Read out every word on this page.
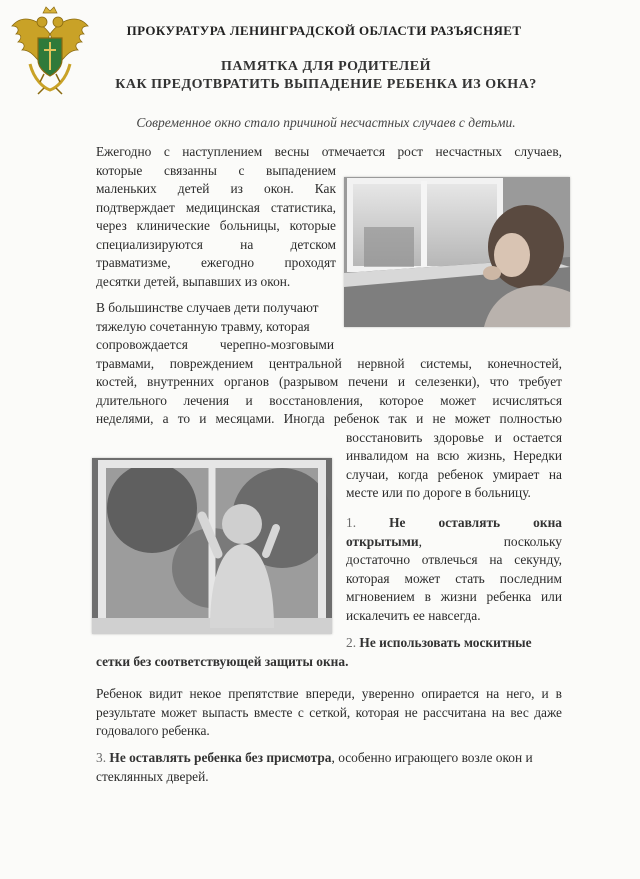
ПРОКУРАТУРА ЛЕНИНГРАДСКОЙ ОБЛАСТИ РАЗЪЯСНЯЕТ
ПАМЯТКА ДЛЯ РОДИТЕЛЕЙ
КАК ПРЕДОТВРАТИТЬ ВЫПАДЕНИЕ РЕБЕНКА ИЗ ОКНА?
Современное окно стало причиной несчастных случаев с детьми.

Ежегодно с наступлением весны отмечается рост несчастных случаев,

которые связанны с выпадением

маленьких детей из окон. Как

подтверждает медицинская статистика,

через клинические больницы, которые

специализируются на детском

травматизме, ежегодно проходят

десятки детей, выпавших из окон.

В большинстве случаев дети получают

тяжелую сочетанную травму, которая

сопровождается черепно-мозговыми

травмами, повреждением центральной нервной системы, конечностей,

костей, внутренних органов (разрывом печени и селезенки), что требует

длительного лечения и восстановления, которое может исчисляться

неделями, а то и месяцами. Иногда ребенок так и не может полностью

восстановить здоровье и остается

инвалидом на всю жизнь, Нередки

случаи, когда ребенок умирает на

месте или по дороге в больницу.

1. Не оставлять окна

открытыми, поскольку

достаточно отвлечься на секунду,

которая может стать последним

мгновением в жизни ребенка или

искалечить ее навсегда.

2. Не использовать москитные

сетки без соответствующей защиты окна.

Ребенок видит некое препятствие впереди, уверенно опирается на него, и в

результате может выпасть вместе с сеткой, которая не рассчитана на вес даже

годовалого ребенка.

3. Не оставлять ребенка без присмотра, особенно играющего возле окон и

стеклянных дверей.
